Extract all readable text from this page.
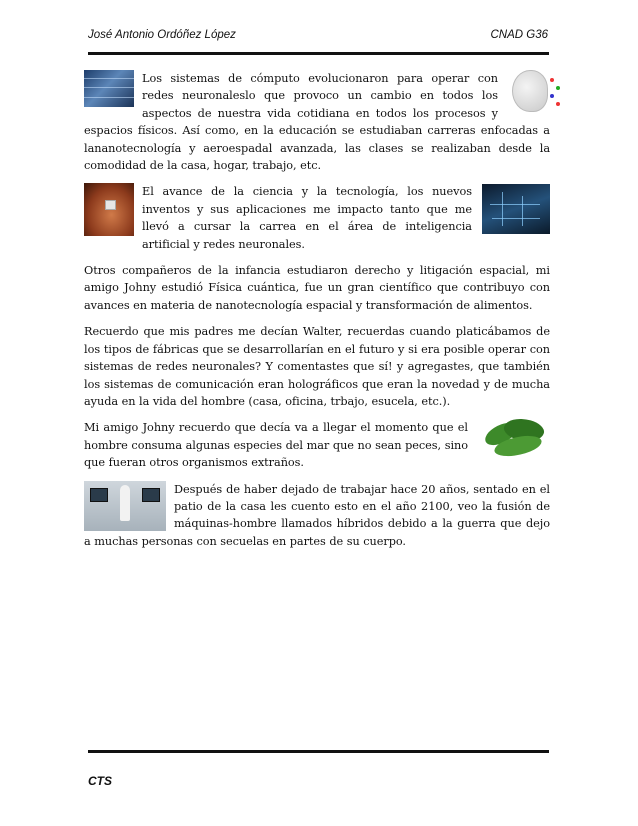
José Antonio Ordóñez López	CNAD G36
Los sistemas de cómputo evolucionaron para operar con redes neuronaleslo que provoco un cambio en todos los aspectos de nuestra vida cotidiana en todos los procesos y espacios físicos. Así como, en la educación se estudiaban carreras enfocadas a lananotecnología y aeroespadal avanzada, las clases se realizaban desde la comodidad de la casa, hogar, trabajo, etc.
El avance de la ciencia y la tecnología, los nuevos inventos y sus aplicaciones me impacto tanto que me llevó a cursar la carrea en el área de inteligencia artificial y redes neuronales.
Otros compañeros de la infancia estudiaron derecho y litigación espacial, mi amigo Johny estudió Física cuántica, fue un gran científico que contribuyo con avances en materia de nanotecnología espacial y transformación de alimentos.
Recuerdo que mis padres me decían Walter, recuerdas cuando platicábamos de los tipos de fábricas que se desarrollarían en el futuro y si era posible operar con sistemas de redes neuronales? Y comentastes que sí! y agregastes, que también los sistemas de comunicación eran holográficos que eran la novedad y de mucha ayuda en la vida del hombre (casa, oficina, trbajo, esucela, etc.).
Mi amigo Johny recuerdo que decía va a llegar el momento que el hombre consuma algunas especies del mar que no sean peces, sino que fueran otros organismos extraños.
Después de haber dejado de trabajar hace 20 años, sentado en el patio de la casa les cuento esto en el año 2100, veo la fusión de máquinas-hombre llamados híbridos debido a la guerra que dejo a muchas personas con secuelas en partes de su cuerpo.
CTS
